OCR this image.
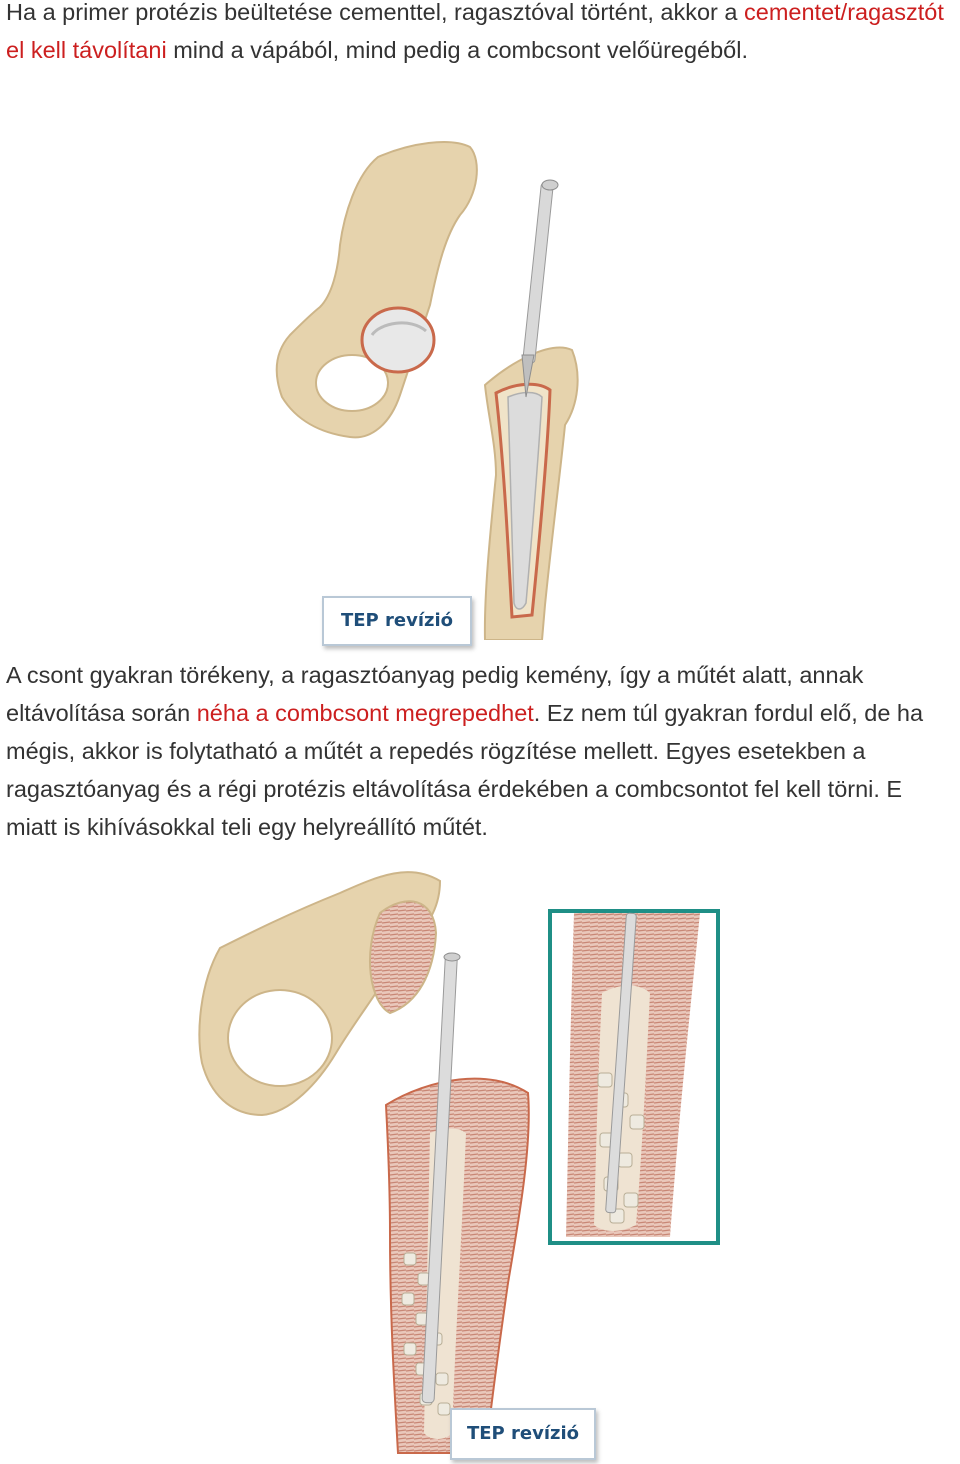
Ha a primer protézis beültetése cementtel, ragasztóval történt, akkor a cementet/ragasztót el kell távolítani mind a vápából, mind pedig a combcsont velőüregéből.

TEP revízió

A csont gyakran törékeny, a ragasztóanyag pedig kemény, így a műtét alatt, annak eltávolítása során néha a combcsont megrepedhet. Ez nem túl gyakran fordul elő, de ha mégis, akkor is folytatható a műtét a repedés rögzítése mellett. Egyes esetekben a ragasztóanyag és a régi protézis eltávolítása érdekében a combcsontot fel kell törni. E miatt is kihívásokkal teli egy helyreállító műtét.

TEP revízió
